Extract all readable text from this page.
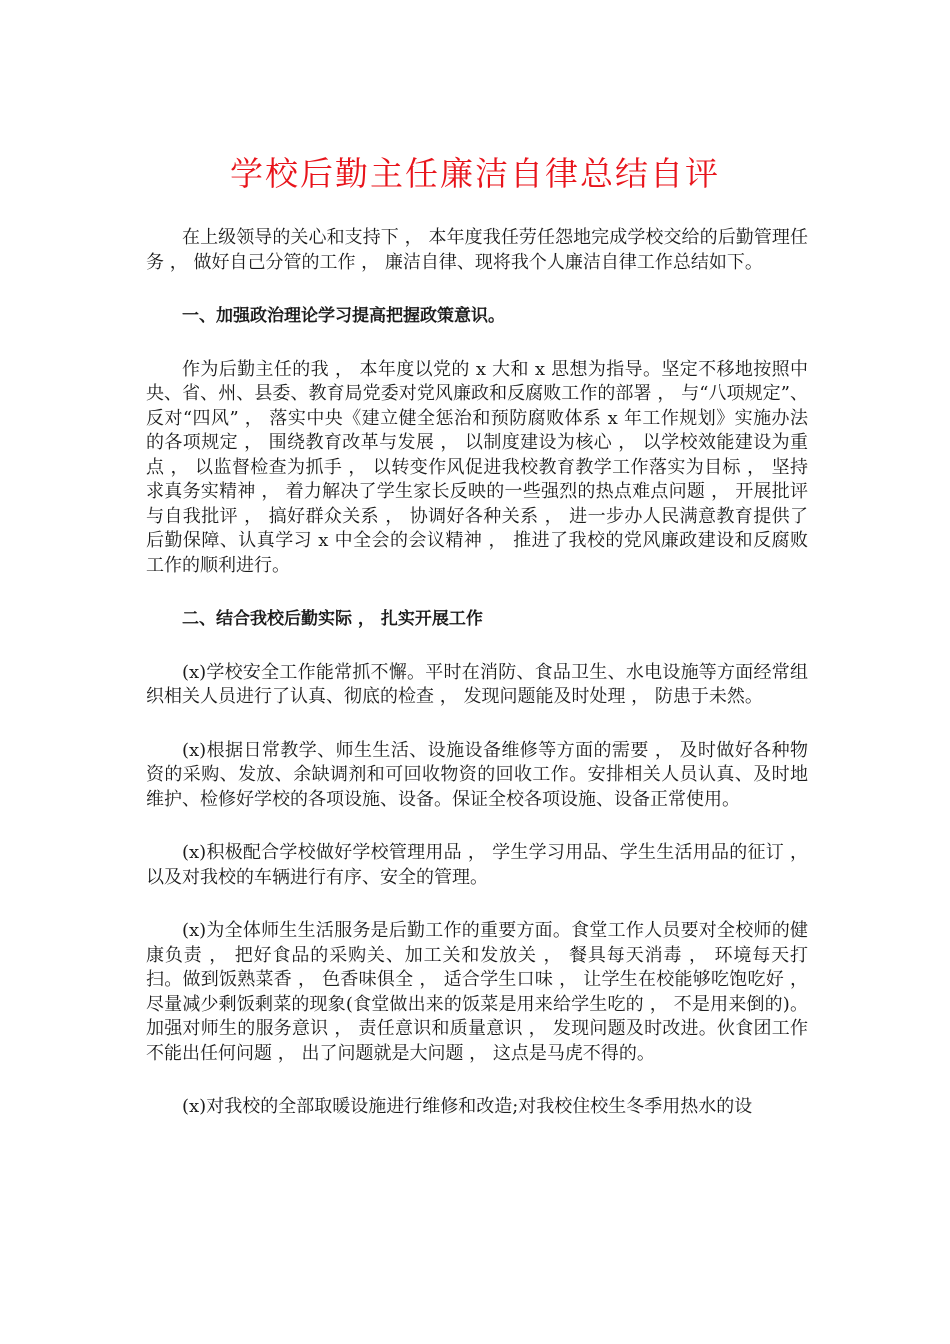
学校后勤主任廉洁自律总结自评

在上级领导的关心和支持下 ， 本年度我任劳任怨地完成学校交给的后勤管理任务 ， 做好自己分管的工作 ， 廉洁自律、现将我个人廉洁自律工作总结如下。

一、加强政治理论学习提高把握政策意识。

作为后勤主任的我 ， 本年度以党的 x 大和 x 思想为指导。坚定不移地按照中央、省、州、县委、教育局党委对党风廉政和反腐败工作的部署 ， 与“八项规定”、反对“四风” ， 落实中央《建立健全惩治和预防腐败体系 x 年工作规划》实施办法的各项规定 ， 围绕教育改革与发展 ， 以制度建设为核心 ， 以学校效能建设为重点 ， 以监督检查为抓手 ， 以转变作风促进我校教育教学工作落实为目标 ， 坚持求真务实精神 ， 着力解决了学生家长反映的一些强烈的热点难点问题 ， 开展批评与自我批评 ， 搞好群众关系 ， 协调好各种关系 ， 进一步办人民满意教育提供了后勤保障、认真学习 x 中全会的会议精神 ， 推进了我校的党风廉政建设和反腐败工作的顺利进行。

二、结合我校后勤实际 ， 扎实开展工作

(x)学校安全工作能常抓不懈。平时在消防、食品卫生、水电设施等方面经常组织相关人员进行了认真、彻底的检查 ， 发现问题能及时处理 ， 防患于未然。

(x)根据日常教学、师生生活、设施设备维修等方面的需要 ， 及时做好各种物资的采购、发放、余缺调剂和可回收物资的回收工作。安排相关人员认真、及时地维护、检修好学校的各项设施、设备。保证全校各项设施、设备正常使用。

(x)积极配合学校做好学校管理用品 ， 学生学习用品、学生生活用品的征订 ， 以及对我校的车辆进行有序、安全的管理。

(x)为全体师生生活服务是后勤工作的重要方面。食堂工作人员要对全校师的健康负责 ， 把好食品的采购关、加工关和发放关 ， 餐具每天消毒 ， 环境每天打扫。做到饭熟菜香 ， 色香味俱全 ， 适合学生口味 ， 让学生在校能够吃饱吃好 ， 尽量减少剩饭剩菜的现象(食堂做出来的饭菜是用来给学生吃的 ， 不是用来倒的)。加强对师生的服务意识 ， 责任意识和质量意识 ， 发现问题及时改进。伙食团工作不能出任何问题 ， 出了问题就是大问题 ， 这点是马虎不得的。

(x)对我校的全部取暖设施进行维修和改造;对我校住校生冬季用热水的设
